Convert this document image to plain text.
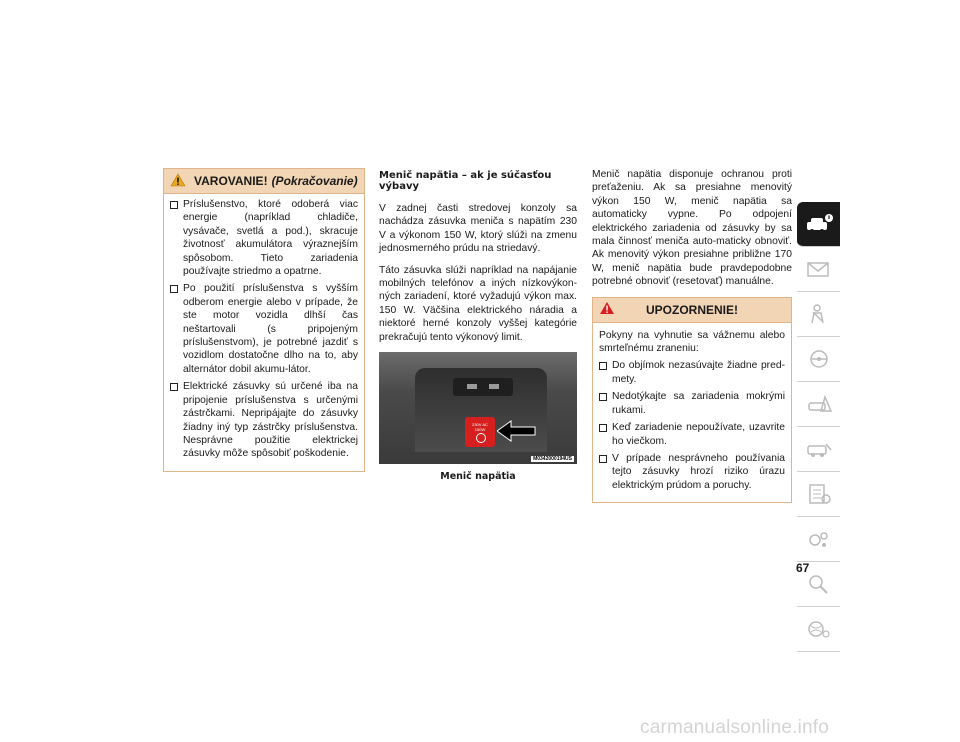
VAROVANIE! (Pokračovanie)
Príslušenstvo, ktoré odoberá viac energie (napríklad chladiče, vysávače, svetlá a pod.), skracuje životnosť akumulátora výraznejším spôsobom. Tieto zariadenia používajte striedmo a opatrne.
Po použití príslušenstva s vyšším odberom energie alebo v prípade, že ste motor vozidla dlhší čas neštartovali (s pripojeným príslušenstvom), je potrebné jazdiť s vozidlom dostatočne dlho na to, aby alternátor dobil akumu-látor.
Elektrické zásuvky sú určené iba na pripojenie príslušenstva s určenými zástrčkami. Nepripájajte do zásuvky žiadny iný typ zástrčky príslušenstva. Nesprávne použitie elektrickej zásuvky môže spôsobiť poškodenie.
Menič napätia – ak je súčasťou výbavy

V zadnej časti stredovej konzoly sa nachádza zásuvka meniča s napätím 230 V a výkonom 150 W, ktorý slúži na zmenu jednosmerného prúdu na striedavý.

Táto zásuvka slúži napríklad na napájanie mobilných telefónov a iných nízkovýkon-ných zariadení, ktoré vyžadujú výkon max. 150 W. Väčšina elektrického náradia a niektoré herné konzoly vyššej kategórie prekračujú tento výkonový limit.

230V AC
150W
M0342000194US
Menič napätia

Menič napätia disponuje ochranou proti preťaženiu. Ak sa presiahne menovitý výkon 150 W, menič napätia sa automaticky vypne. Po odpojení elektrického zariadenia od zásuvky by sa mala činnosť meniča auto-maticky obnoviť. Ak menovitý výkon presiahne približne 170 W, menič napätia bude pravdepodobne potrebné obnoviť (resetovať) manuálne.

UPOZORNENIE!

Pokyny na vyhnutie sa vážnemu alebo smrteľnému zraneniu:

Do objímok nezasúvajte žiadne pred-mety.
Nedotýkajte sa zariadenia mokrými rukami.
Keď zariadenie nepoužívate, uzavrite ho viečkom.
V prípade nesprávneho používania tejto zásuvky hrozí riziko úrazu elektrickým prúdom a poruchy.
67
carmanualsonline.info
